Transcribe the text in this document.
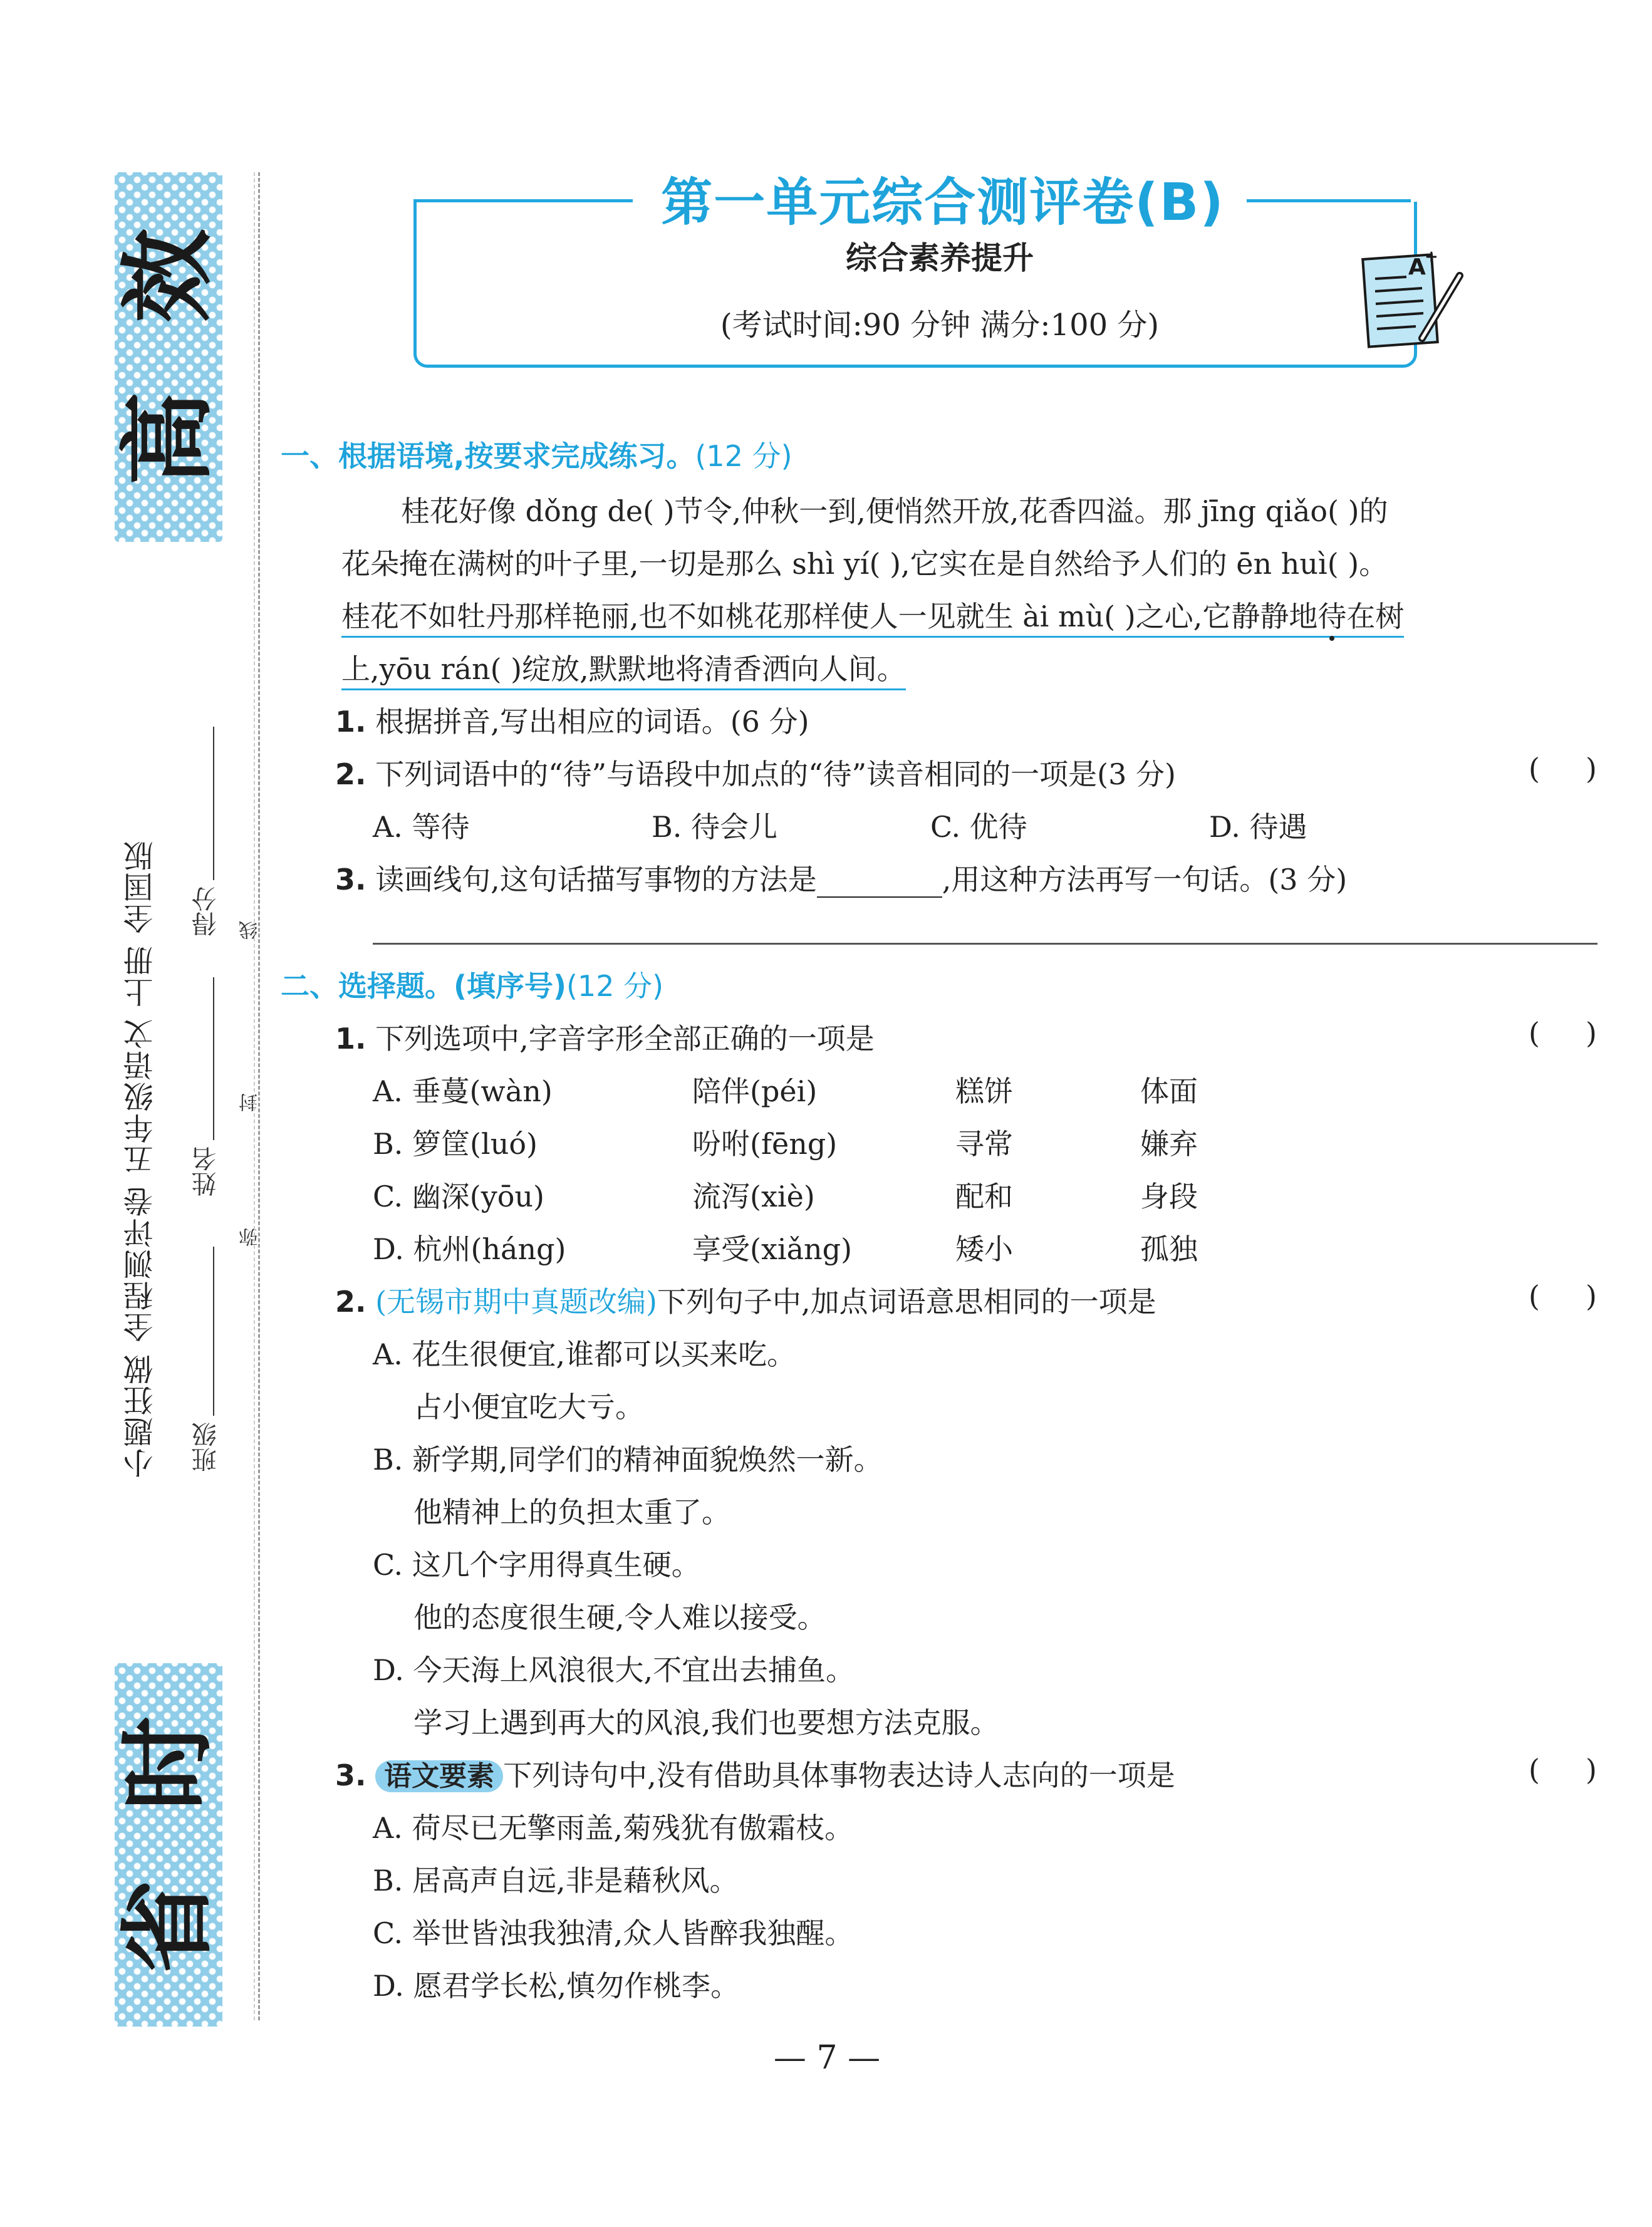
效
高
时
省
小题狂做 全程测评卷 五年级语文 上册 全国版 班级
姓名
得分
弥
封
线
第一单元综合测评卷(B)
综合素养提升
(考试时间:90 分钟 满分:100 分)
A
+
一、根据语境,按要求完成练习。(12 分)
桂花好像 dǒng de( )节令,仲秋一到,便悄然开放,花香四溢。那 jīng qiǎo( )的
花朵掩在满树的叶子里,一切是那么 shì yí( ),它实在是自然给予人们的 ēn huì( )。
桂花不如牡丹那样艳丽,也不如桃花那样使人一见就生 ài mù( )之心,它静静地待在树
上,yōu rán( )绽放,默默地将清香洒向人间。
1. 根据拼音,写出相应的词语。(6 分)
2. 下列词语中的“待”与语段中加点的“待”读音相同的一项是(3 分)	(     )
A. 等待	B. 待会儿	C. 优待	D. 待遇
3. 读画线句,这句话描写事物的方法是	,用这种方法再写一句话。(3 分)
二、选择题。(填序号)(12 分)
1. 下列选项中,字音字形全部正确的一项是	(     )
A. 垂蔓(wàn)	陪伴(péi)	糕饼	体面
B. 箩筐(luó)	吩咐(fēng)	寻常	嫌弃
C. 幽深(yōu)	流泻(xiè)	配和	身段
D. 杭州(háng)	享受(xiǎng)	矮小	孤独
2. (无锡市期中真题改编)下列句子中,加点词语意思相同的一项是	(     )
A. 花生很便宜,谁都可以买来吃。
占小便宜吃大亏。
B. 新学期,同学们的精神面貌焕然一新。
他精神上的负担太重了。
C. 这几个字用得真生硬。
他的态度很生硬,令人难以接受。
D. 今天海上风浪很大,不宜出去捕鱼。
学习上遇到再大的风浪,我们也要想方法克服。
3. 语文要素 下列诗句中,没有借助具体事物表达诗人志向的一项是	(     )
A. 荷尽已无擎雨盖,菊残犹有傲霜枝。
B. 居高声自远,非是藉秋风。
C. 举世皆浊我独清,众人皆醉我独醒。
D. 愿君学长松,慎勿作桃李。
— 7 —
